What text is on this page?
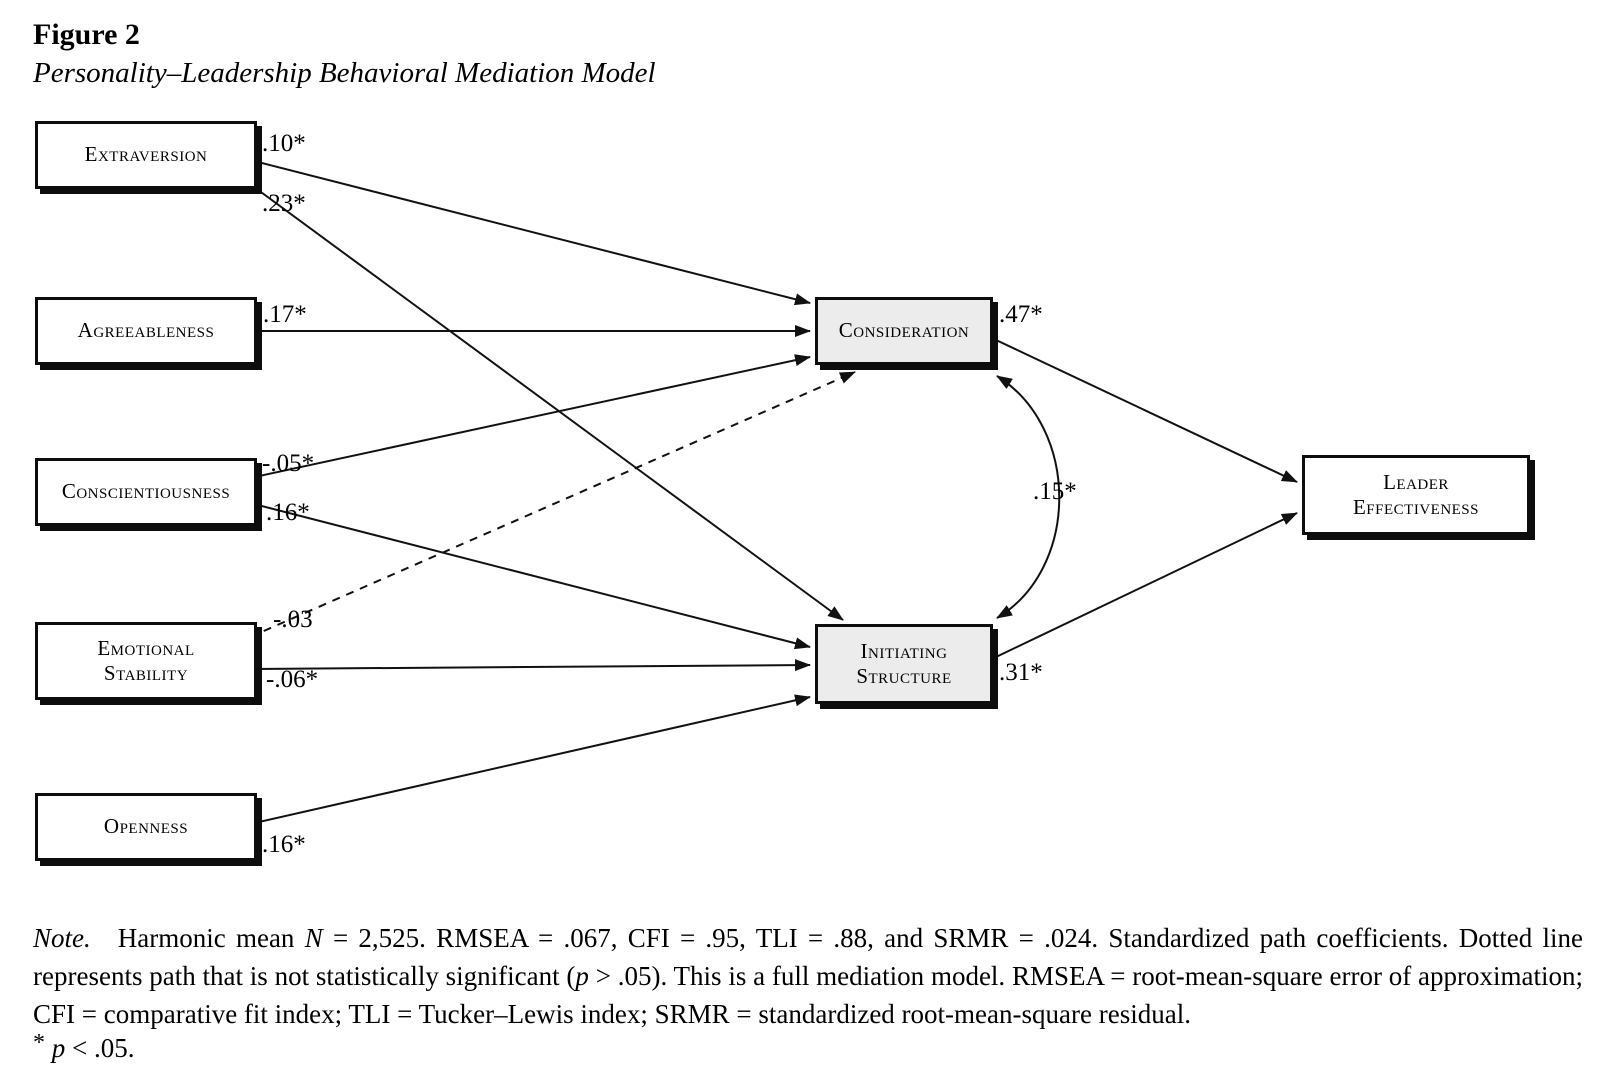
Figure 2
Personality–Leadership Behavioral Mediation Model
Extraversion
Agreeableness
Conscientiousness
Emotional Stability
Openness
Consideration
Initiating Structure
Leader Effectiveness
.10*
.23*
.17*
-.05*
.16*
-.03
-.06*
.16*
.47*
.31*
.15*

Note.  Harmonic mean N = 2,525. RMSEA = .067, CFI = .95, TLI = .88, and SRMR = .024. Standardized path coefficients. Dotted line represents path that is not statistically significant (p > .05). This is a full mediation model. RMSEA = root-mean-square error of approximation; CFI = comparative fit index; TLI = Tucker–Lewis index; SRMR = standardized root-mean-square residual.

* p < .05.
